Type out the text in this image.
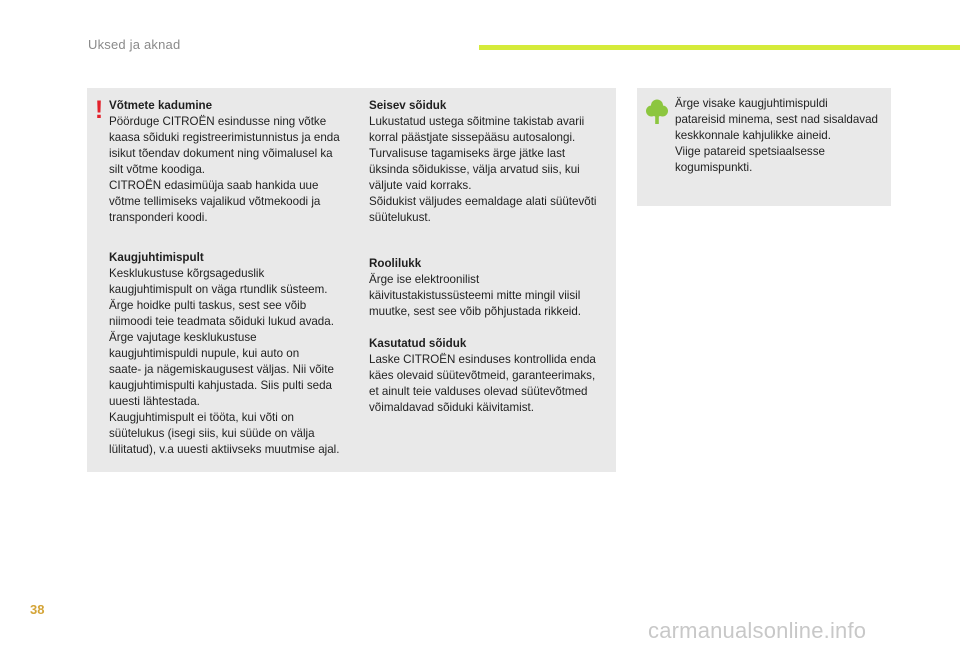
Uksed ja aknad
! Võtmete kadumine

Pöörduge CITROËN esindusse ning võtke
kaasa sõiduki registreerimistunnistus ja enda
isikut tõendav dokument ning võimalusel ka
silt võtme koodiga.
CITROËN edasimüüja saab hankida uue
võtme tellimiseks vajalikud võtmekoodi ja
transponderi koodi.

Kaugjuhtimispult

Kesklukustuse kõrgsageduslik
kaugjuhtimispult on väga rtundlik süsteem.
Ärge hoidke pulti taskus, sest see võib
niimoodi teie teadmata sõiduki lukud avada.
Ärge vajutage kesklukustuse
kaugjuhtimispuldi nupule, kui auto on
saate- ja nägemiskaugusest väljas. Nii võite
kaugjuhtimispulti kahjustada. Siis pulti seda
uuesti lähtestada.
Kaugjuhtimispult ei tööta, kui võti on
süütelukus (isegi siis, kui süüde on välja
lülitatud), v.a uuesti aktiivseks muutmise ajal.

Seisev sõiduk

Lukustatud ustega sõitmine takistab avarii
korral päästjate sissepääsu autosalongi.
Turvalisuse tagamiseks ärge jätke last
üksinda sõidukisse, välja arvatud siis, kui
väljute vaid korraks.
Sõidukist väljudes eemaldage alati süütevõti
süütelukust.

Roolilukk

Ärge ise elektroonilist
käivitustakistussüsteemi mitte mingil viisil
muutke, sest see võib põhjustada rikkeid.

Kasutatud sõiduk

Laske CITROËN esinduses kontrollida enda
käes olevaid süütevõtmeid, garanteerimaks,
et ainult teie valduses olevad süütevõtmed
võimaldavad sõiduki käivitamist.

Ärge visake kaugjuhtimispuldi
patareisid minema, sest nad sisaldavad
keskkonnale kahjulikke aineid.
Viige patareid spetsiaalsesse
kogumispunkti.
38
carmanualsonline.info
